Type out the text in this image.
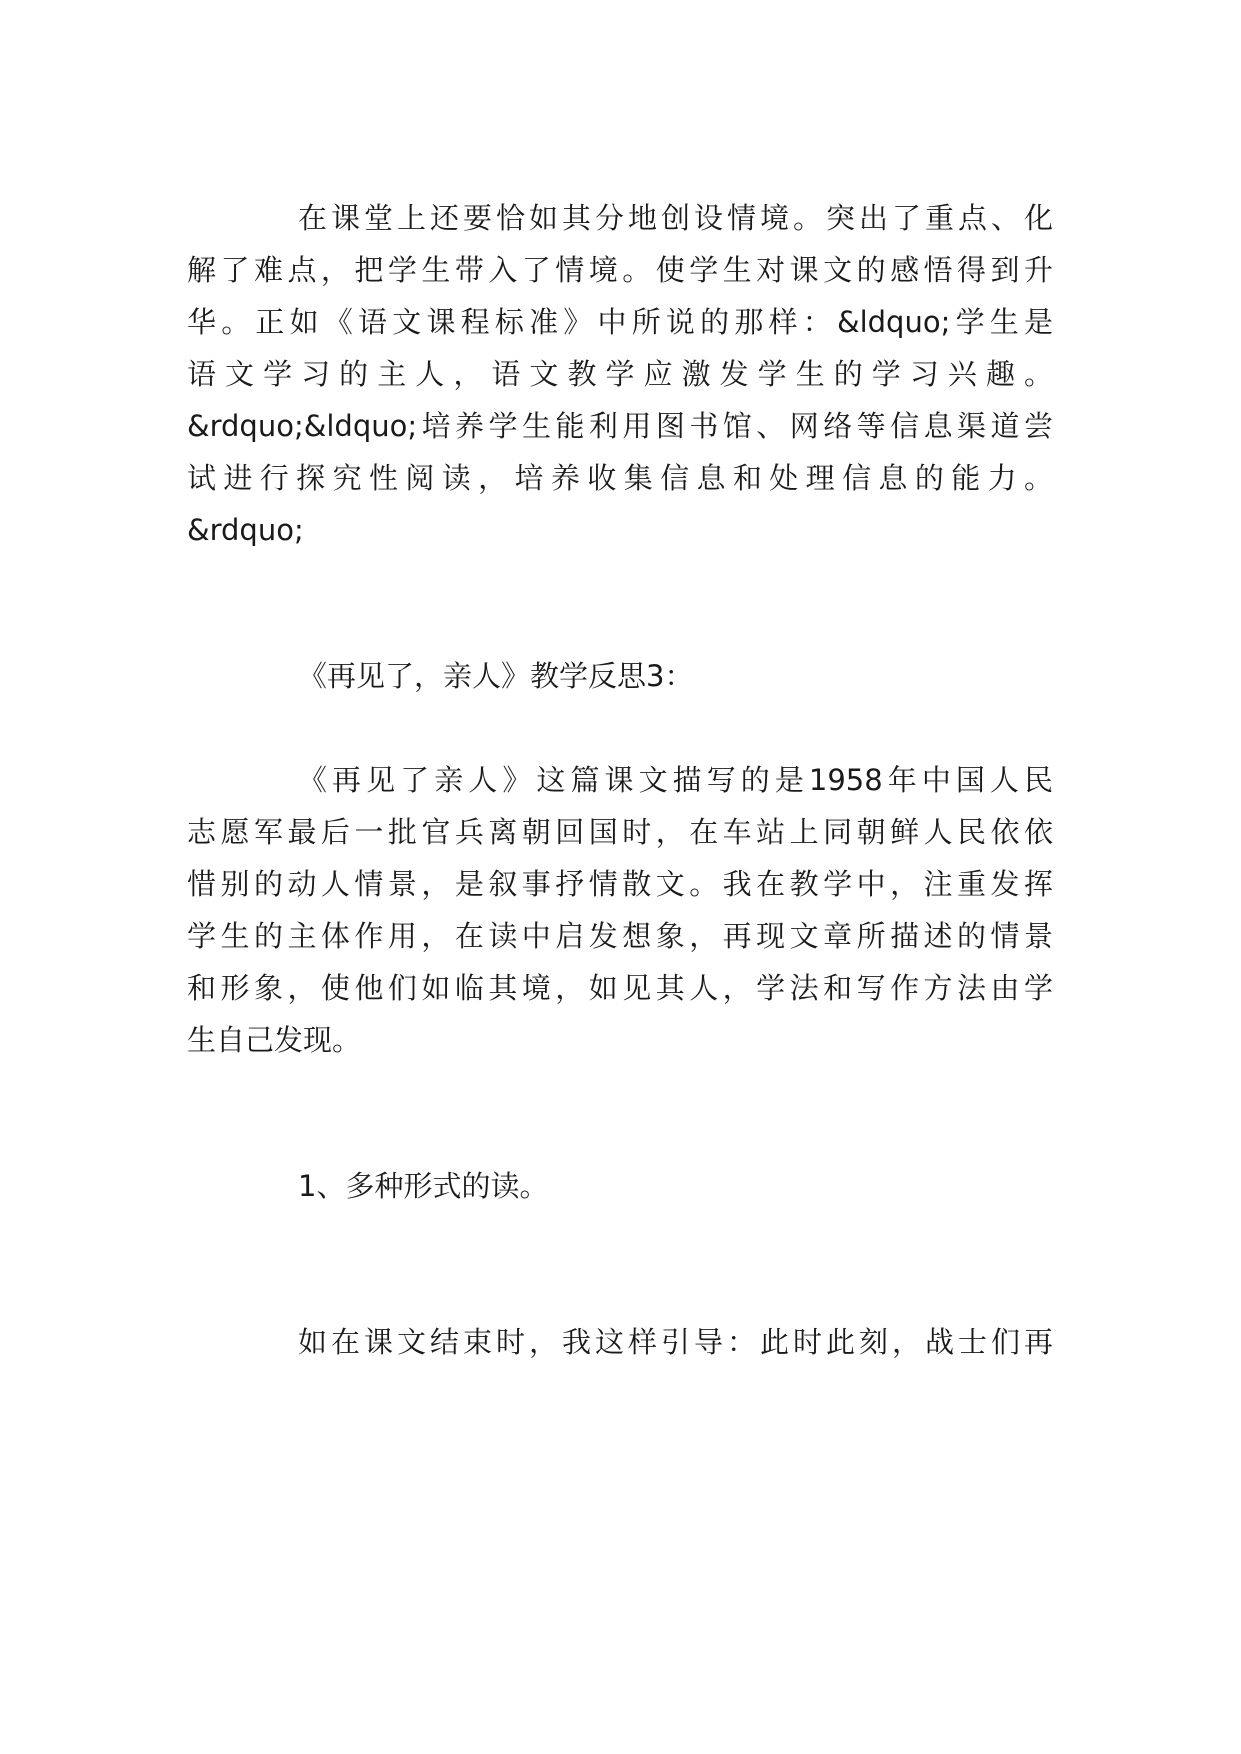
在课堂上还要恰如其分地创设情境。突出了重点、化
解了难点，把学生带入了情境。使学生对课文的感悟得到升
华。正如《语文课程标准》中所说的那样：&ldquo;学生是
语文学习的主人，语文教学应激发学生的学习兴趣。
&rdquo;&ldquo;培养学生能利用图书馆、网络等信息渠道尝
试进行探究性阅读，培养收集信息和处理信息的能力。
&rdquo;
《再见了，亲人》教学反思3：
《再见了亲人》这篇课文描写的是1958年中国人民
志愿军最后一批官兵离朝回国时，在车站上同朝鲜人民依依
惜别的动人情景，是叙事抒情散文。我在教学中，注重发挥
学生的主体作用，在读中启发想象，再现文章所描述的情景
和形象，使他们如临其境，如见其人，学法和写作方法由学
生自己发现。
1、多种形式的读。
如在课文结束时，我这样引导：此时此刻，战士们再
